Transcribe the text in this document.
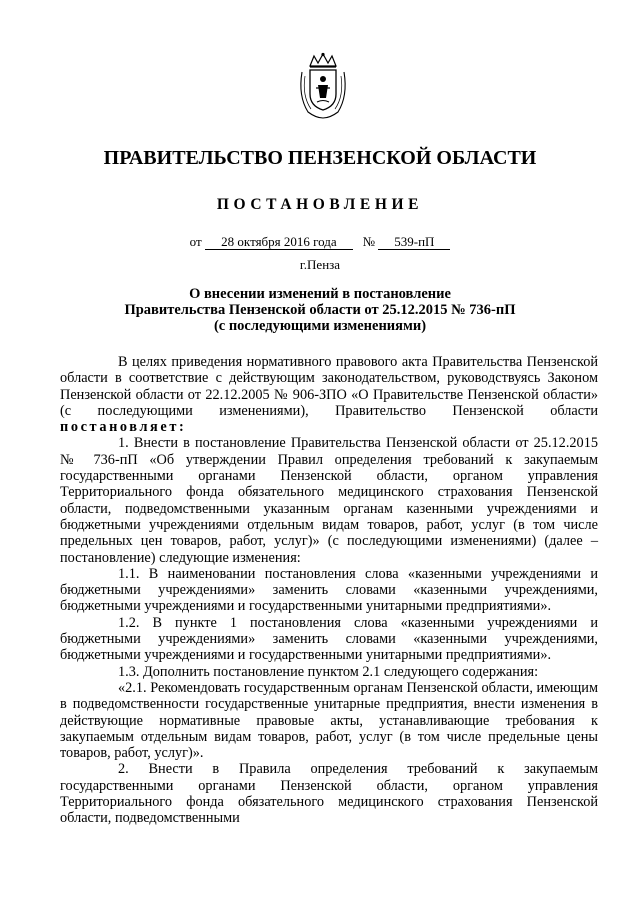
ПРАВИТЕЛЬСТВО ПЕНЗЕНСКОЙ ОБЛАСТИ
ПОСТАНОВЛЕНИЕ
от 28 октября 2016 года № 539-пП
г.Пенза
О внесении изменений в постановление
Правительства Пензенской области от 25.12.2015 № 736-пП
(с последующими изменениями)

В целях приведения нормативного правового акта Правительства Пензенской области в соответствие с действующим законодательством, руководствуясь Законом Пензенской области от 22.12.2005 № 906-ЗПО «О Правительстве Пензенской области» (с последующими изменениями), Правительство Пензенской области постановляет:

1. Внести в постановление Правительства Пензенской области от 25.12.2015 № 736-пП «Об утверждении Правил определения требований к закупаемым государственными органами Пензенской области, органом управления Территориального фонда обязательного медицинского страхования Пензенской области, подведомственными указанным органам казенными учреждениями и бюджетными учреждениями отдельным видам товаров, работ, услуг (в том числе предельных цен товаров, работ, услуг)» (с последующими изменениями) (далее – постановление) следующие изменения:

1.1. В наименовании постановления слова «казенными учреждениями и бюджетными учреждениями» заменить словами «казенными учреждениями, бюджетными учреждениями и государственными унитарными предприятиями».

1.2. В пункте 1 постановления слова «казенными учреждениями и бюджетными учреждениями» заменить словами «казенными учреждениями, бюджетными учреждениями и государственными унитарными предприятиями».

1.3. Дополнить постановление пунктом 2.1 следующего содержания:

«2.1. Рекомендовать государственным органам Пензенской области, имеющим в подведомственности государственные унитарные предприятия, внести изменения в действующие нормативные правовые акты, устанавливающие требования к закупаемым отдельным видам товаров, работ, услуг (в том числе предельные цены товаров, работ, услуг)».

2. Внести в Правила определения требований к закупаемым государственными органами Пензенской области, органом управления Территориального фонда обязательного медицинского страхования Пензенской области, подведомственными
